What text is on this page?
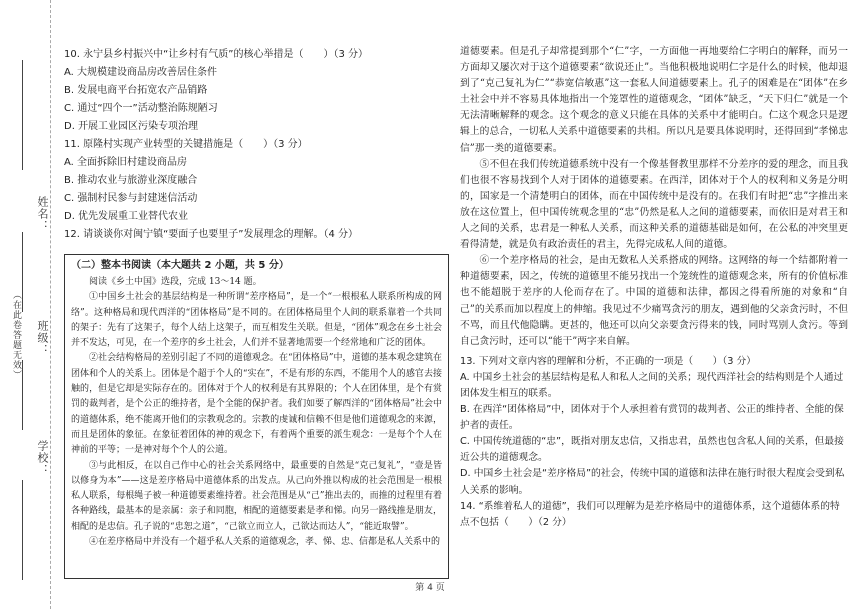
姓名：
班级：
（在此卷答题无效）
学校：
10. 永宁县乡村振兴中“让乡村有气质”的核心举措是（　　）（3 分）
A. 大规模建设商品房改善居住条件
B. 发展电商平台拓宽农产品销路
C. 通过“四个一”活动整治陈规陋习
D. 开展工业园区污染专项治理
11. 原隆村实现产业转型的关键措施是（　　）（3 分）
A. 全面拆除旧村建设商品房
B. 推动农业与旅游业深度融合
C. 强制村民参与封建迷信活动
D. 优先发展重工业替代农业
12. 请谈谈你对闽宁镇“要面子也要里子”发展理念的理解。（4 分）
（二）整本书阅读（本大题共 2 小题，共 5 分）
阅读《乡土中国》选段，完成 13～14 题。
①中国乡土社会的基层结构是一种所谓“差序格局”，是一个“一根根私人联系所构成的网络”。这种格局和现代西洋的“团体格局”是不同的。在团体格局里个人间的联系靠着一个共同的架子：先有了这架子，每个人结上这架子，而互相发生关联。但是，“团体”观念在乡土社会并不发达，可见，在一个差序的乡土社会，人们并不显著地需要一个经常地和广泛的团体。
②社会结构格局的差别引起了不同的道德观念。在“团体格局”中，道德的基本观念建筑在团体和个人的关系上。团体是个超于个人的“实在”，不是有形的东西，不能用个人的感官去接触的，但是它却是实际存在的。团体对于个人的权利是有其界限的；个人在团体里，是个有赏罚的裁判者，是个公正的维持者，是个全能的保护者。我们如要了解西洋的“团体格局”社会中的道德体系，绝不能离开他们的宗教观念的。宗教的虔诚和信赖不但是他们道德观念的来源，而且是团体的象征。在象征着团体的神的观念下，有着两个重要的派生观念：一是每个个人在神前的平等；一是神对每个个人的公道。
③与此相反，在以自己作中心的社会关系网络中，最重要的自然是“克己复礼”，“壹是皆以修身为本”——这是差序格局中道德体系的出发点。从己向外推以构成的社会范围是一根根私人联系，每根绳子被一种道德要素维持着。社会范围是从“己”推出去的，而推的过程里有着各种路线，最基本的是亲属：亲子和同胞，相配的道德要素是孝和悌。向另一路线推是朋友，相配的是忠信。孔子说的“忠恕之道”，“己欲立而立人，己欲达而达人”，“能近取譬”。
④在差序格局中并没有一个超乎私人关系的道德观念，孝、悌、忠、信都是私人关系中的
道德要素。但是孔子却常提到那个“仁”字，一方面他一再地要给仁字明白的解释，而另一方面却又屡次对于这个道德要素“欲说还止”。当他积极地说明仁字是什么的时候，他却退到了“克己复礼为仁”“恭宽信敏惠”这一套私人间道德要素上。孔子的困难是在“团体”在乡土社会中并不容易具体地指出一个笼罩性的道德观念，“团体”缺乏，“天下归仁”就是一个无法清晰解释的观念。这个观念的意义只能在具体的关系中才能明白。仁这个观念只是逻辑上的总合，一切私人关系中道德要素的共相。所以凡是要具体说明时，还得回到“孝悌忠信”那一类的道德要素。
⑤不但在我们传统道德系统中没有一个像基督教里那样不分差序的爱的理念，而且我们也很不容易找到个人对于团体的道德要素。在西洋，团体对于个人的权利和义务是分明的，国家是一个清楚明白的团体，而在中国传统中是没有的。在我们有时把“忠”字推出来放在这位置上，但中国传统观念里的“忠”仍然是私人之间的道德要素，而依旧是对君王和人之间的关系，忠君是一种私人关系，而这种关系的道德基础是如何，在公私的冲突里更看得清楚，就是负有政治责任的君主，先得完成私人间的道德。
⑥一个差序格局的社会，是由无数私人关系搭成的网络。这网络的每一个结都附着一种道德要素，因之，传统的道德里不能另找出一个笼统性的道德观念来，所有的价值标准也不能超脱于差序的人伦而存在了。中国的道德和法律，都因之得看所施的对象和“自己”的关系而加以程度上的伸缩。我见过不少痛骂贪污的朋友，遇到他的父亲贪污时，不但不骂，而且代他隐瞒。更甚的，他还可以向父亲要贪污得来的钱，同时骂别人贪污。等到自己贪污时，还可以“能干”两字来自解。
13. 下列对文章内容的理解和分析，不正确的一项是（　　）（3 分）
A. 中国乡土社会的基层结构是私人和私人之间的关系；现代西洋社会的结构则是个人通过团体发生相互的联系。
B. 在西洋“团体格局”中，团体对于个人承担着有赏罚的裁判者、公正的维持者、全能的保护者的责任。
C. 中国传统道德的“忠”，既指对朋友忠信，又指忠君，虽然也包含私人间的关系，但最接近公共的道德观念。
D. 中国乡土社会是“差序格局”的社会，传统中国的道德和法律在施行时很大程度会受到私人关系的影响。
14. “系维着私人的道德”，我们可以理解为是差序格局中的道德体系，这个道德体系的特点不包括（　　）（2 分）
第 4 页
